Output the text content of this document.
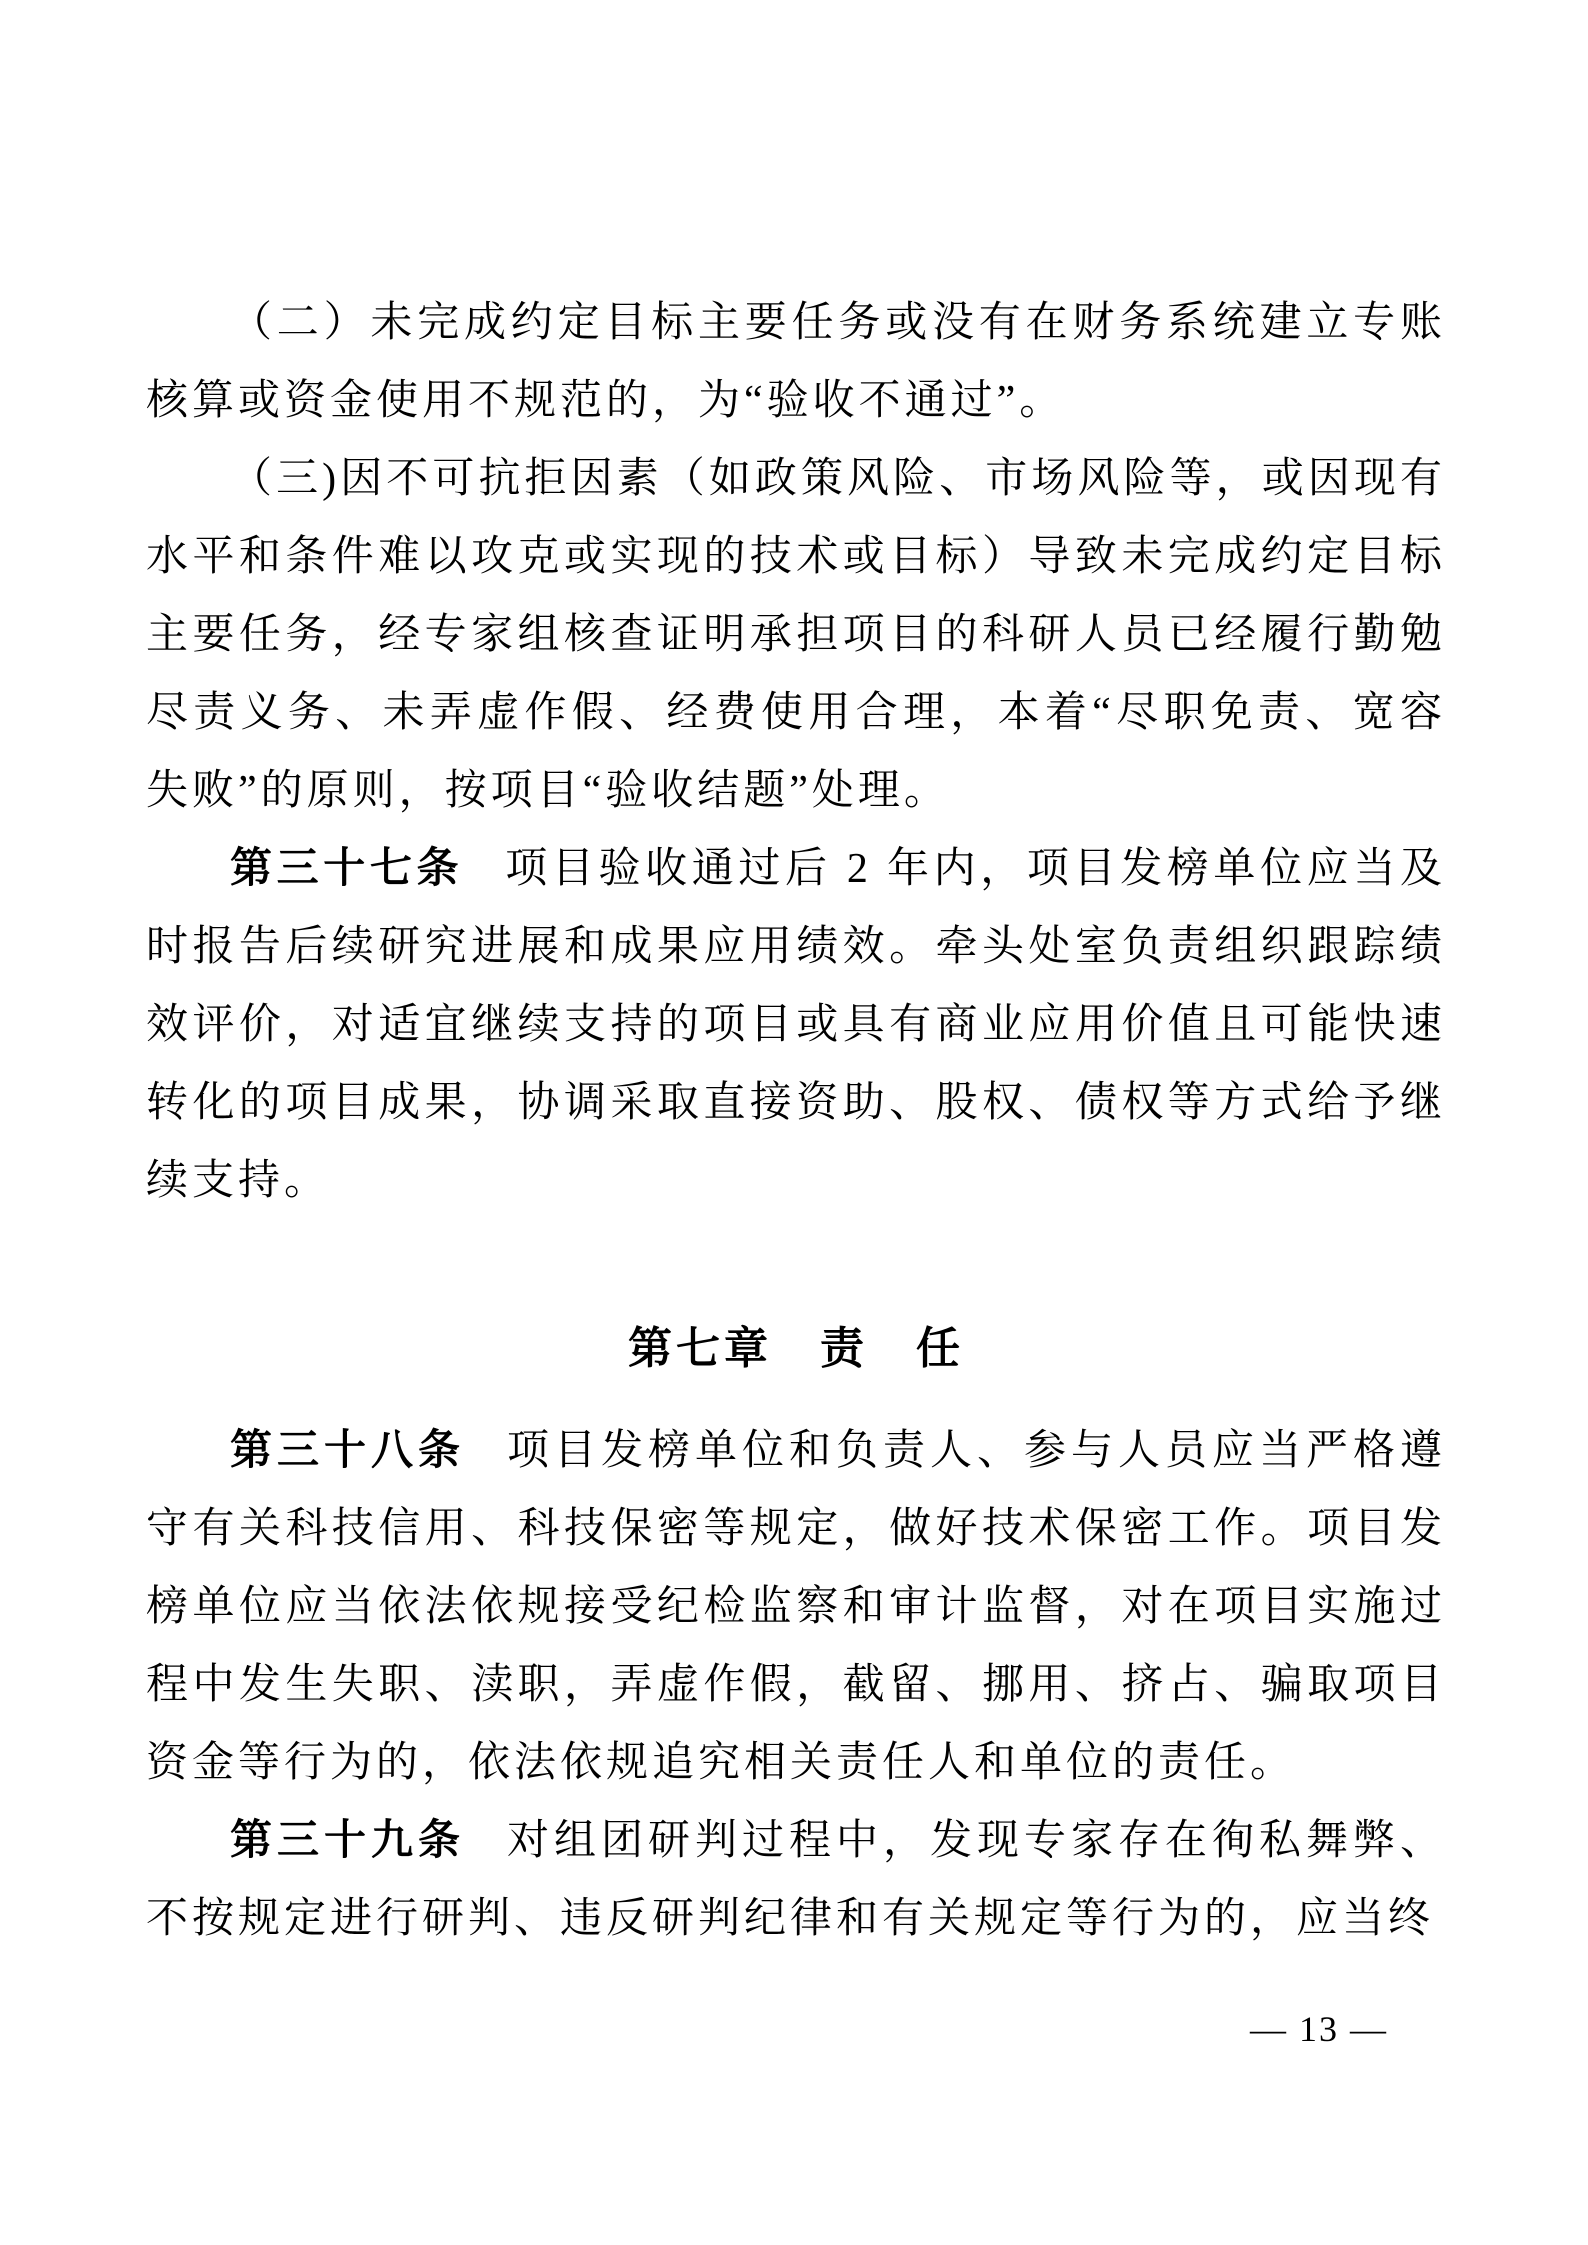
（二）未完成约定目标主要任务或没有在财务系统建立专账核算或资金使用不规范的，为“验收不通过”。

（三)因不可抗拒因素（如政策风险、市场风险等，或因现有水平和条件难以攻克或实现的技术或目标）导致未完成约定目标主要任务，经专家组核查证明承担项目的科研人员已经履行勤勉尽责义务、未弄虚作假、经费使用合理，本着“尽职免责、宽容失败”的原则，按项目“验收结题”处理。

第三十七条 项目验收通过后 2 年内，项目发榜单位应当及时报告后续研究进展和成果应用绩效。牵头处室负责组织跟踪绩效评价，对适宜继续支持的项目或具有商业应用价值且可能快速转化的项目成果，协调采取直接资助、股权、债权等方式给予继续支持。

第七章　责　任

第三十八条 项目发榜单位和负责人、参与人员应当严格遵守有关科技信用、科技保密等规定，做好技术保密工作。项目发榜单位应当依法依规接受纪检监察和审计监督，对在项目实施过程中发生失职、渎职，弄虚作假，截留、挪用、挤占、骗取项目资金等行为的，依法依规追究相关责任人和单位的责任。

第三十九条 对组团研判过程中，发现专家存在徇私舞弊、不按规定进行研判、违反研判纪律和有关规定等行为的，应当终

— 13 —
